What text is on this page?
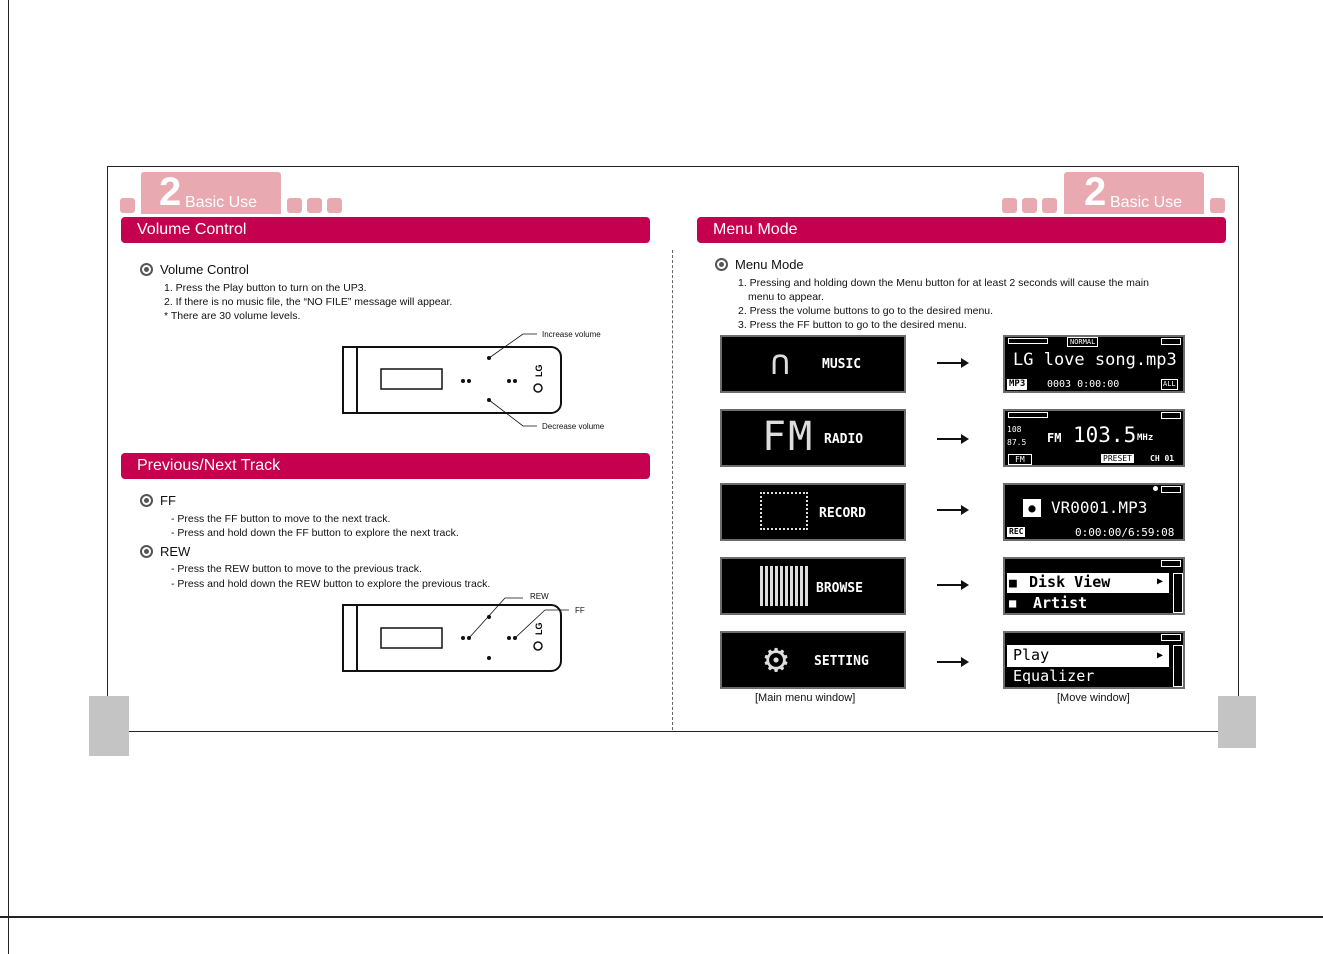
2 Basic Use	2 Basic Use
Volume Control
Volume Control
1. Press the Play button to turn on the UP3.
2. If there is no music file, the “NO FILE” message will appear.
* There are 30 volume levels.
LG
Increase volume
Decrease volume
Previous/Next Track
FF
- Press the FF button to move to the next track.
- Press and hold down the FF button to explore the next track.
REW
- Press the REW button to move to the previous track.
- Press and hold down the REW button to explore the previous track.
LG
REW
FF
Menu Mode
Menu Mode
1. Pressing and holding down the Menu button for at least 2 seconds will cause the main
menu to appear.
2. Press the volume buttons to go to the desired menu.
3. Press the FF button to go to the desired menu.
∩ MUSIC
FM RADIO
RECORD
BROWSE
⚙ SETTING
NORMAL
LG love song.mp3
MP3 0003 0:00:00	ALL
108
87.5 FM 103.5 MHz
FM	PRESET CH 01
● VR0001.MP3
REC	0:00:00/6:59:08
■ Disk View	▶
■ Artist
Play	▶
Equalizer
[Main menu window]	[Move window]
